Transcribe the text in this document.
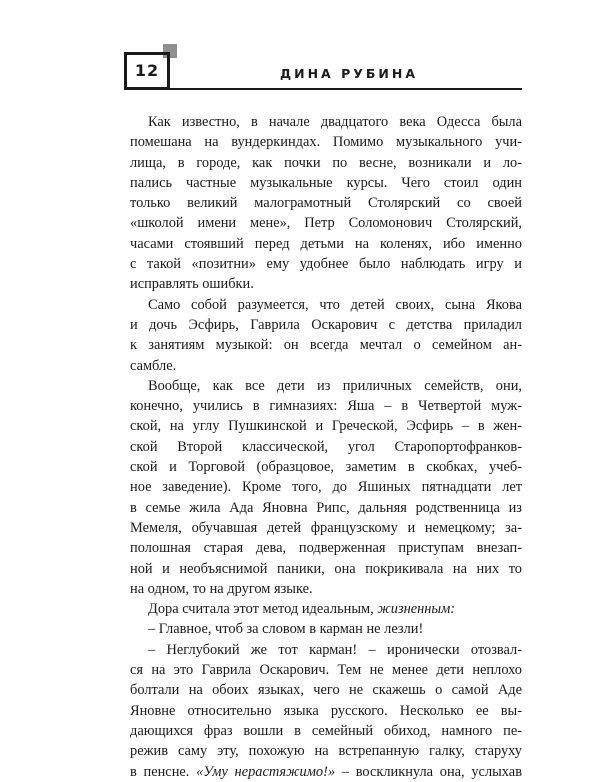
12	ДИНА РУБИНА
Как известно, в начале двадцатого века Одесса была
помешана на вундеркиндах. Помимо музыкального учи-
лища, в городе, как почки по весне, возникали и ло-
пались частные музыкальные курсы. Чего стоил один
только великий малограмотный Столярский со своей
«школой имени мене», Петр Соломонович Столярский,
часами стоявший перед детьми на коленях, ибо именно
с такой «позитни» ему удобнее было наблюдать игру и
исправлять ошибки.
Само собой разумеется, что детей своих, сына Якова
и дочь Эсфирь, Гаврила Оскарович с детства приладил
к занятиям музыкой: он всегда мечтал о семейном ан-
самбле.
Вообще, как все дети из приличных семейств, они,
конечно, учились в гимназиях: Яша – в Четвертой муж-
ской, на углу Пушкинской и Греческой, Эсфирь – в жен-
ской Второй классической, угол Старопортофранков-
ской и Торговой (образцовое, заметим в скобках, учеб-
ное заведение). Кроме того, до Яшиных пятнадцати лет
в семье жила Ада Яновна Рипс, дальняя родственница из
Мемеля, обучавшая детей французскому и немецкому; за-
полошная старая дева, подверженная приступам внезап-
ной и необъяснимой паники, она покрикивала на них то
на одном, то на другом языке.
Дора считала этот метод идеальным, жизненным:
– Главное, чтоб за словом в карман не лезли!
– Неглубокий же тот карман! – иронически отозвал-
ся на это Гаврила Оскарович. Тем не менее дети неплохо
болтали на обоих языках, чего не скажешь о самой Аде
Яновне относительно языка русского. Несколько ее вы-
дающихся фраз вошли в семейный обиход, намного пе-
режив саму эту, похожую на встрепанную галку, старуху
в пенсне. «Уму нерастяжимо!» – воскликнула она, услыхав
